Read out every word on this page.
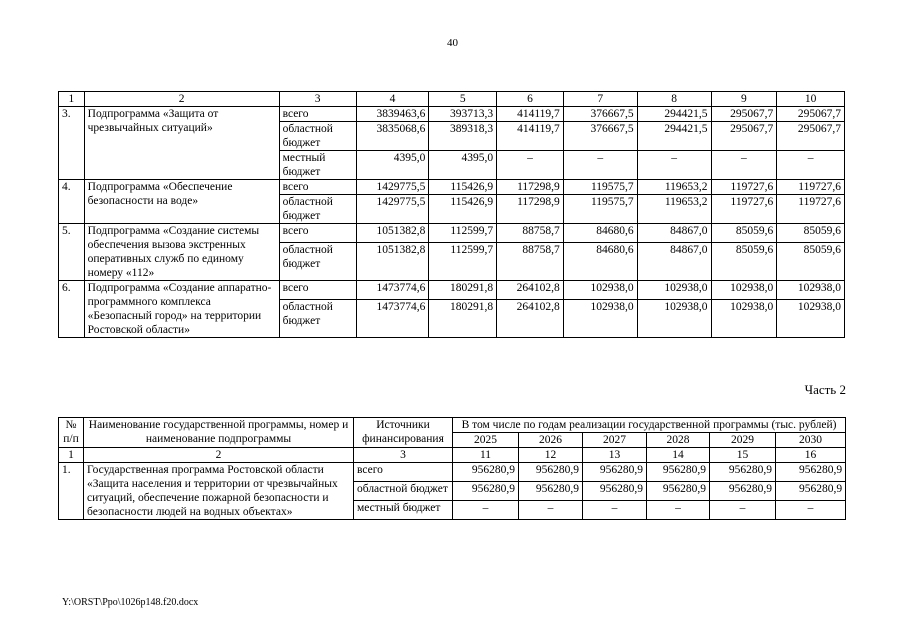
40
1	2	3	4	5	6	7	8	9	10
3.	Подпрограмма «Защита от чрезвычайных ситуаций»	всего	3839463,6	393713,3	414119,7	376667,5	294421,5	295067,7	295067,7
		областной бюджет	3835068,6	389318,3	414119,7	376667,5	294421,5	295067,7	295067,7
		местный бюджет	4395,0	4395,0	–	–	–	–	–
4.	Подпрограмма «Обеспечение безопасности на воде»	всего	1429775,5	115426,9	117298,9	119575,7	119653,2	119727,6	119727,6
		областной бюджет	1429775,5	115426,9	117298,9	119575,7	119653,2	119727,6	119727,6
5.	Подпрограмма «Создание системы обеспечения вызова экстренных оперативных служб по единому номеру «112»	всего	1051382,8	112599,7	88758,7	84680,6	84867,0	85059,6	85059,6
		областной бюджет	1051382,8	112599,7	88758,7	84680,6	84867,0	85059,6	85059,6
6.	Подпрограмма «Создание аппаратно-программного комплекса «Безопасный город» на территории Ростовской области»	всего	1473774,6	180291,8	264102,8	102938,0	102938,0	102938,0	102938,0
		областной бюджет	1473774,6	180291,8	264102,8	102938,0	102938,0	102938,0	102938,0
Часть 2
№ п/п	Наименование государственной программы, номер и наименование подпрограммы	Источники финансирования	В том числе по годам реализации государственной программы (тыс. рублей)					
			2025	2026	2027	2028	2029	2030
1	2	3	11	12	13	14	15	16
1.	Государственная программа Ростовской области «Защита населения и территории от чрезвычайных ситуаций, обеспечение пожарной безопасности и безопасности людей на водных объектах»	всего	956280,9	956280,9	956280,9	956280,9	956280,9	956280,9
		областной бюджет	956280,9	956280,9	956280,9	956280,9	956280,9	956280,9
		местный бюджет	–	–	–	–	–	–
Y:\ORST\Ppo\1026p148.f20.docx
